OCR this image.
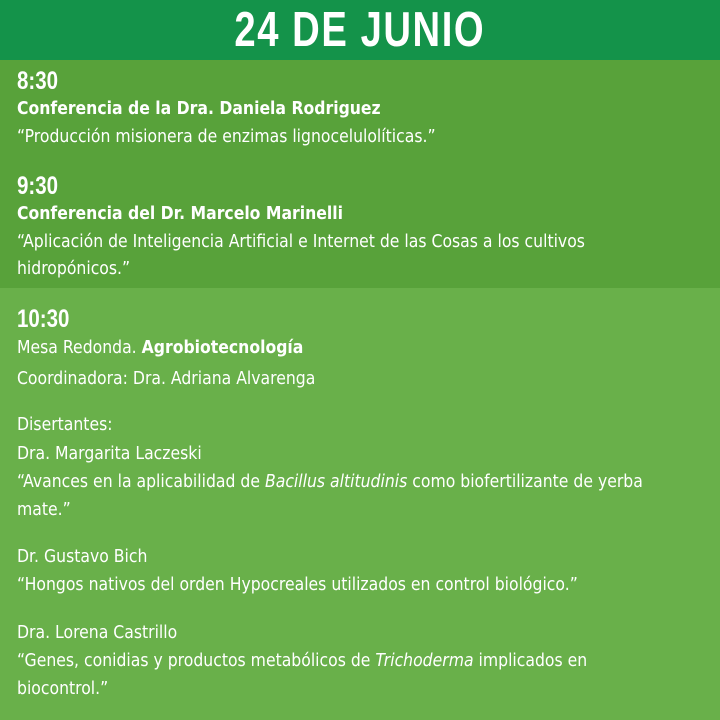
24 DE JUNIO
8:30
Conferencia de la Dra. Daniela Rodriguez
“Producción misionera de enzimas lignocelulolíticas.”
9:30
Conferencia del Dr. Marcelo Marinelli
“Aplicación de Inteligencia Artificial e Internet de las Cosas a los cultivos
hidropónicos.”
10:30
Mesa Redonda. Agrobiotecnología
Coordinadora: Dra. Adriana Alvarenga
Disertantes:
Dra. Margarita Laczeski
“Avances en la aplicabilidad de Bacillus altitudinis como biofertilizante de yerba
mate.”
Dr. Gustavo Bich
“Hongos nativos del orden Hypocreales utilizados en control biológico.”
Dra. Lorena Castrillo
“Genes, conidias y productos metabólicos de Trichoderma implicados en
biocontrol.”
